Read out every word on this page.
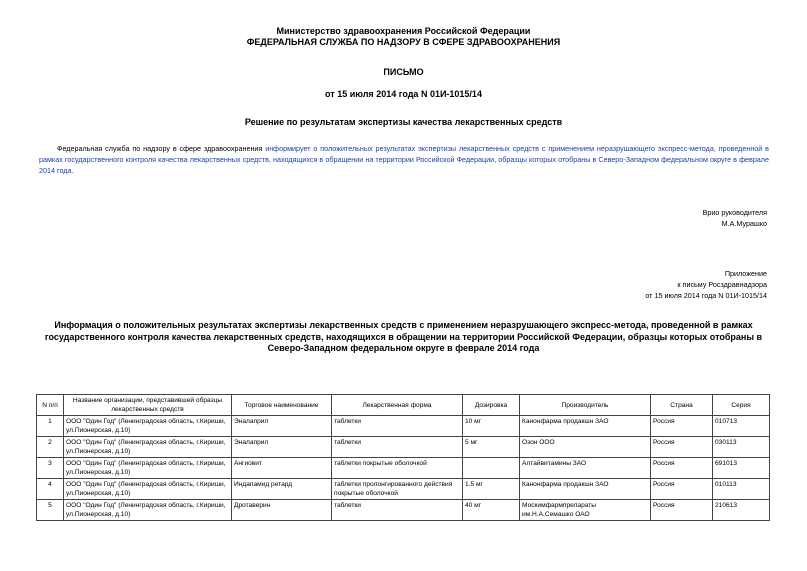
Министерство здравоохранения Российской Федерации
ФЕДЕРАЛЬНАЯ СЛУЖБА ПО НАДЗОРУ В СФЕРЕ ЗДРАВООХРАНЕНИЯ
ПИСЬМО
от 15 июля 2014 года N 01И-1015/14
Решение по результатам экспертизы качества лекарственных средств
Федеральная служба по надзору в сфере здравоохранения информирует о положительных результатах экспертизы лекарственных средств с применением неразрушающего экспресс-метода, проведенной в рамках государственного контроля качества лекарственных средств, находящихся в обращении на территории Российской Федерации, образцы которых отобраны в Северо-Западном федеральном округе в феврале 2014 года.
Врио руководителя
М.А.Мурашко
Приложение
к письму Росздравнадзора
от 15 июля 2014 года N 01И-1015/14
Информация о положительных результатах экспертизы лекарственных средств с применением неразрушающего экспресс-метода, проведенной в рамках государственного контроля качества лекарственных средств, находящихся в обращении на территории Российской Федерации, образцы которых отобраны в Северо-Западном федеральном округе в феврале 2014 года
N п/п	Название организации, представившей образцы лекарственных средств	Торговое наименование	Лекарственная форма	Дозировка	Производитель	Страна	Серия
1	ООО "Один Год" (Ленинградская область, г.Кириши, ул.Пионерская, д.10)	Эналаприл	таблетки	10 мг	Канонфарма продакшн ЗАО	Россия	010713
2	ООО "Один Год" (Ленинградская область, г.Кириши, ул.Пионерская, д.10)	Эналаприл	таблетки	5 мг	Озон ООО	Россия	030113
3	ООО "Один Год" (Ленинградская область, г.Кириши, ул.Пионерская, д.10)	Ангиовит	таблетки покрытые оболочкой		Алтайвитамины ЗАО	Россия	691013
4	ООО "Один Год" (Ленинградская область, г.Кириши, ул.Пионерская, д.10)	Индапамид ретард	таблетки пролонгированного действия покрытые оболочкой	1.5 мг	Канонфарма продакшн ЗАО	Россия	010113
5	ООО "Один Год" (Ленинградская область, г.Кириши, ул.Пионерская, д.10)	Дротаверин	таблетки	40 мг	Москимфармпрепараты им.Н.А.Семашко ОАО	Россия	210613
